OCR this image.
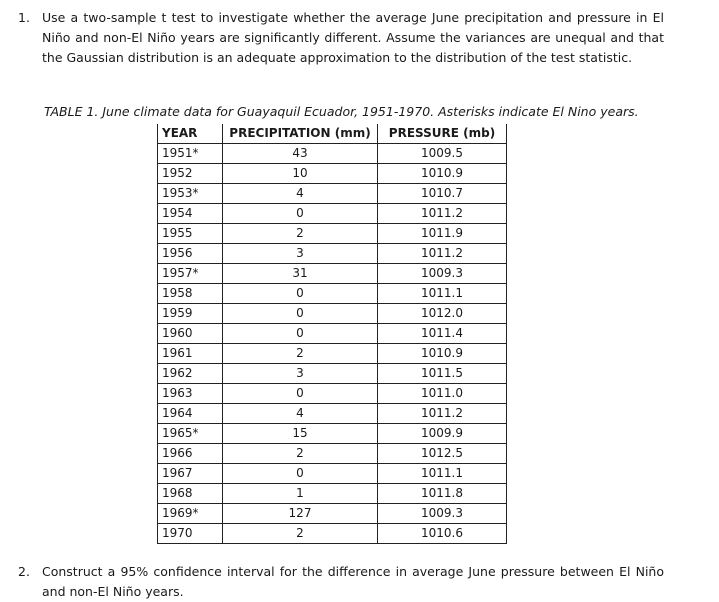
1. Use a two-sample t test to investigate whether the average June precipitation and pressure in El Niño and non-El Niño years are significantly different. Assume the variances are unequal and that the Gaussian distribution is an adequate approximation to the distribution of the test statistic.
TABLE 1. June climate data for Guayaquil Ecuador, 1951-1970. Asterisks indicate El Nino years.
YEAR	PRECIPITATION (mm)	PRESSURE (mb)
1951*	43	1009.5
1952	10	1010.9
1953*	4	1010.7
1954	0	1011.2
1955	2	1011.9
1956	3	1011.2
1957*	31	1009.3
1958	0	1011.1
1959	0	1012.0
1960	0	1011.4
1961	2	1010.9
1962	3	1011.5
1963	0	1011.0
1964	4	1011.2
1965*	15	1009.9
1966	2	1012.5
1967	0	1011.1
1968	1	1011.8
1969*	127	1009.3
1970	2	1010.6
2. Construct a 95% confidence interval for the difference in average June pressure between El Niño and non-El Niño years.
